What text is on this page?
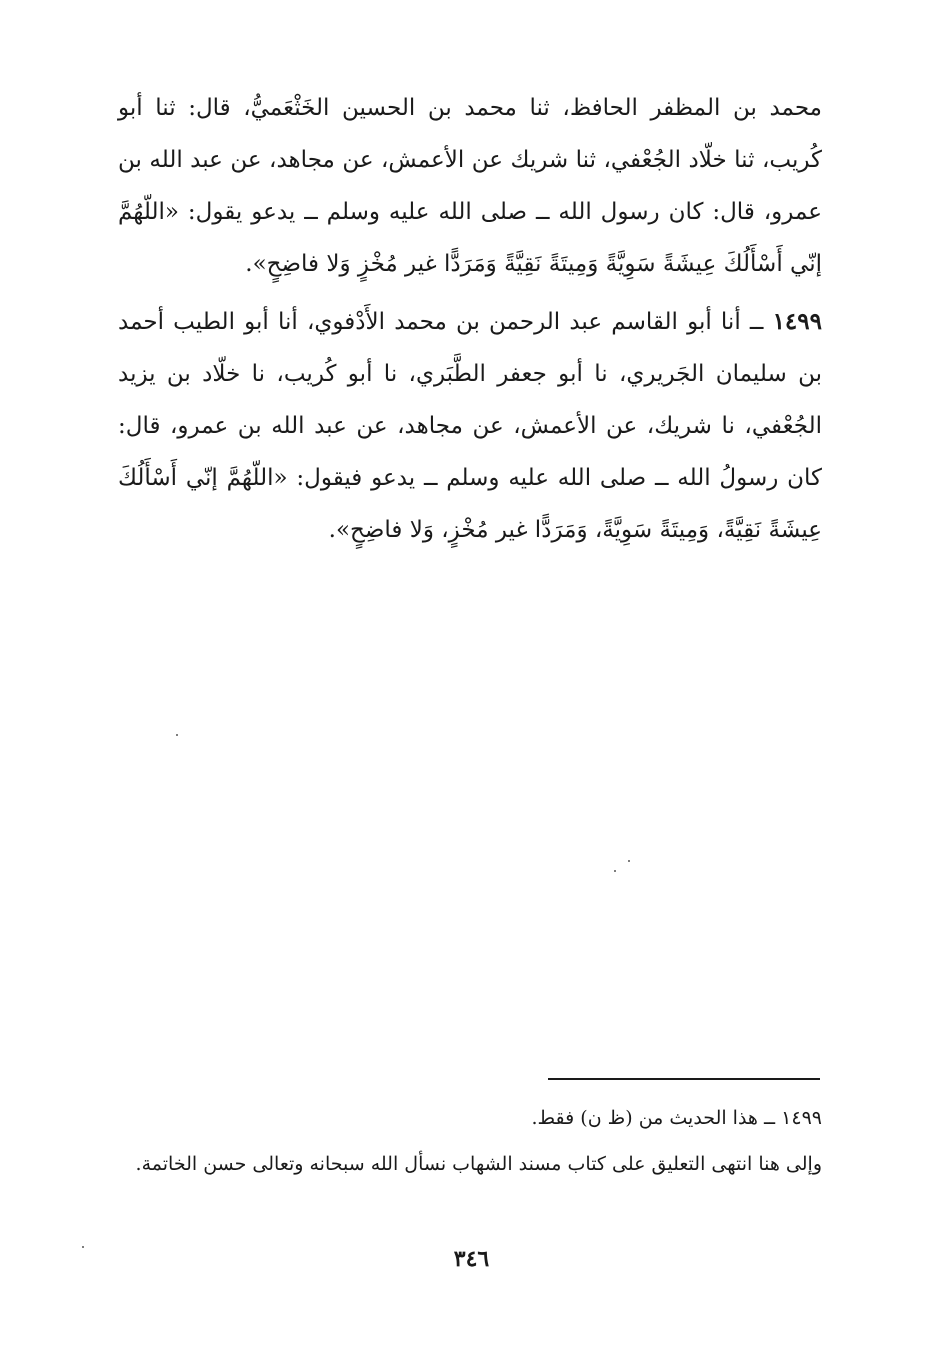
محمد بن المظفر الحافظ، ثنا محمد بن الحسين الخَثْعَميُّ، قال: ثنا أبو كُريب، ثنا خلّاد الجُعْفي، ثنا شريك عن الأعمش، عن مجاهد، عن عبد الله بن عمرو، قال: كان رسول الله ــ صلى الله عليه وسلم ــ يدعو يقول: «اللّهُمَّ إنّي أَسْأَلُكَ عِيشَةً سَوِيَّةً وَمِيتَةً نَقِيَّةً وَمَرَدًّا غير مُخْزٍ وَلا فاضِحٍ».

١٤٩٩ ــ أنا أبو القاسم عبد الرحمن بن محمد الأَدْفوي، أنا أبو الطيب أحمد بن سليمان الجَريري، نا أبو جعفر الطَّبَري، نا أبو كُريب، نا خلّاد بن يزيد الجُعْفي، نا شريك، عن الأعمش، عن مجاهد، عن عبد الله بن عمرو، قال: كان رسولُ الله ــ صلى الله عليه وسلم ــ يدعو فيقول: «اللّهُمَّ إنّي أَسْأَلُكَ عِيشَةً نَقِيَّةً، وَمِيتَةً سَوِيَّةً، وَمَرَدًّا غير مُخْزٍ، وَلا فاضِحٍ».

١٤٩٩ ــ هذا الحديث من (ظ ن) فقط.

وإلى هنا انتهى التعليق على كتاب مسند الشهاب نسأل الله سبحانه وتعالى حسن الخاتمة.

٣٤٦
